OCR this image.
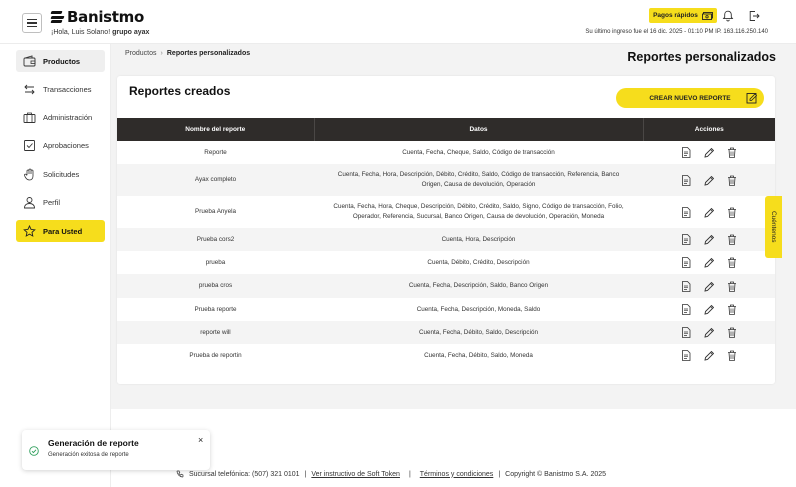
Banistmo
¡Hola, Luis Solano! grupo ayax
Pagos rápidos
Su último ingreso fue el 16 dic. 2025 - 01:10 PM IP. 163.116.250.140
Productos
Transacciones
Administración
Aprobaciones
Solicitudes
Perfil
Para Usted
Productos › Reportes personalizados	Reportes personalizados
Reportes creados	CREAR NUEVO REPORTE
Nombre del reporte	Datos	Acciones
Reporte	Cuenta, Fecha, Cheque, Saldo, Código de transacción	

Ayax completo	Cuenta, Fecha, Hora, Descripción, Débito, Crédito, Saldo, Código de transacción, Referencia, Banco Origen, Causa de devolución, Operación	

Prueba Anyela	Cuenta, Fecha, Hora, Cheque, Descripción, Débito, Crédito, Saldo, Signo, Código de transacción, Folio, Operador, Referencia, Sucursal, Banco Origen, Causa de devolución, Operación, Moneda	

Prueba cors2	Cuenta, Hora, Descripción	

prueba	Cuenta, Débito, Crédito, Descripción	

prueba cros	Cuenta, Fecha, Descripción, Saldo, Banco Origen	

Prueba reporte	Cuenta, Fecha, Descripción, Moneda, Saldo	

reporte will	Cuenta, Fecha, Débito, Saldo, Descripción	

Prueba de reportin	Cuenta, Fecha, Débito, Saldo, Moneda	
Cuéntenos
Generación de reporte
Generación exitosa de reporte
×
Sucursal telefónica: (507) 321 0101 | Ver instructivo de Soft Token | Términos y condiciones | Copyright © Banistmo S.A. 2025
